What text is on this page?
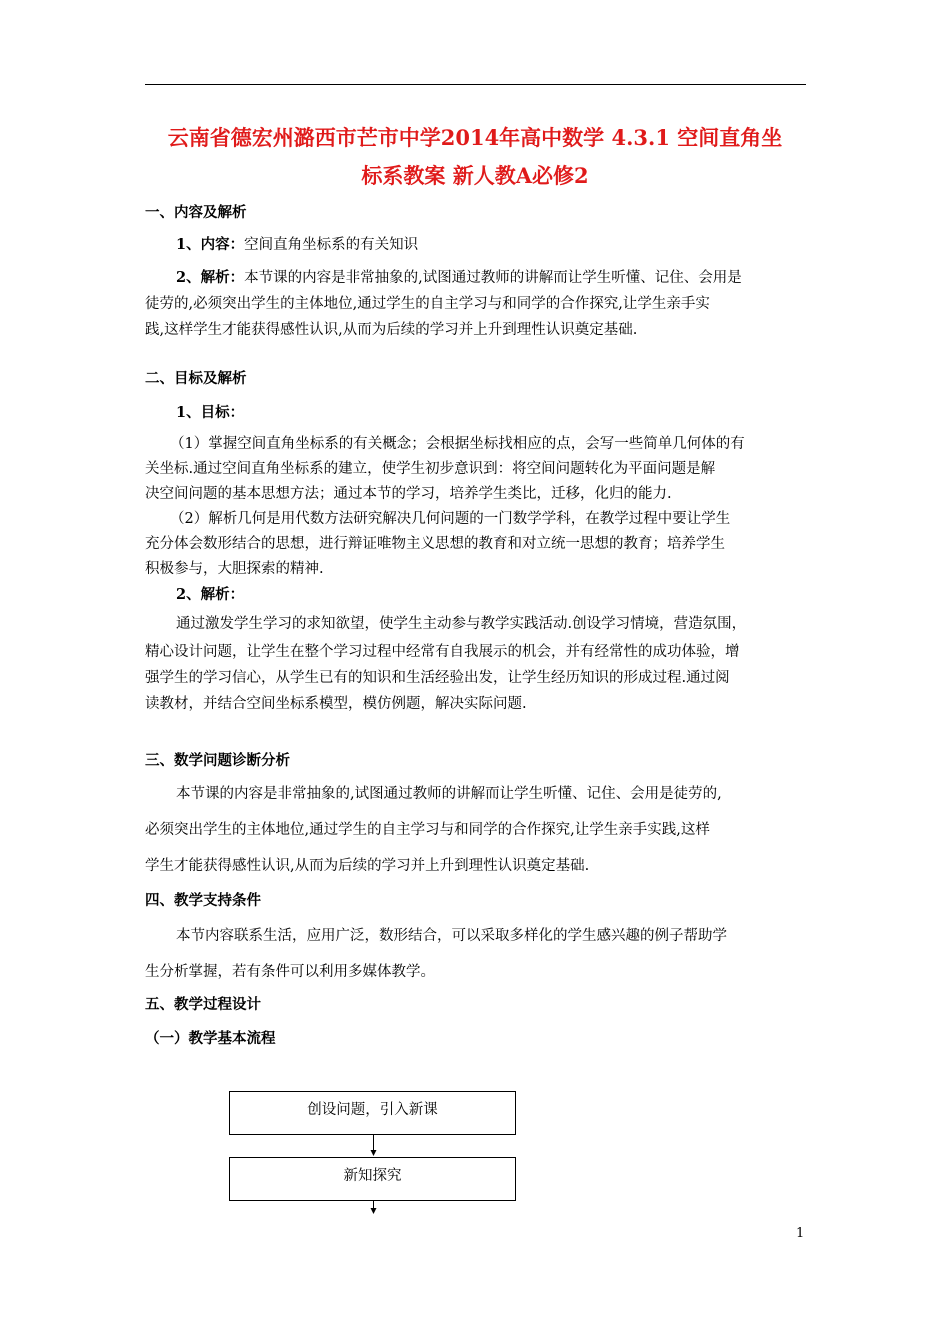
云南省德宏州潞西市芒市中学2014年高中数学 4.3.1 空间直角坐
标系教案 新人教A必修2
一、内容及解析
1、内容：空间直角坐标系的有关知识
2、解析：本节课的内容是非常抽象的,试图通过教师的讲解而让学生听懂、记住、会用是
徒劳的,必须突出学生的主体地位,通过学生的自主学习与和同学的合作探究,让学生亲手实
践,这样学生才能获得感性认识,从而为后续的学习并上升到理性认识奠定基础.
二、目标及解析
1、目标：
（1）掌握空间直角坐标系的有关概念；会根据坐标找相应的点，会写一些简单几何体的有
关坐标.通过空间直角坐标系的建立，使学生初步意识到：将空间问题转化为平面问题是解
决空间问题的基本思想方法；通过本节的学习，培养学生类比，迁移，化归的能力.
（2）解析几何是用代数方法研究解决几何问题的一门数学学科，在教学过程中要让学生
充分体会数形结合的思想，进行辩证唯物主义思想的教育和对立统一思想的教育；培养学生
积极参与，大胆探索的精神.
2、解析：
通过激发学生学习的求知欲望，使学生主动参与教学实践活动.创设学习情境，营造氛围，
精心设计问题，让学生在整个学习过程中经常有自我展示的机会，并有经常性的成功体验，增
强学生的学习信心，从学生已有的知识和生活经验出发，让学生经历知识的形成过程.通过阅
读教材，并结合空间坐标系模型，模仿例题，解决实际问题.
三、数学问题诊断分析
本节课的内容是非常抽象的,试图通过教师的讲解而让学生听懂、记住、会用是徒劳的,
必须突出学生的主体地位,通过学生的自主学习与和同学的合作探究,让学生亲手实践,这样
学生才能获得感性认识,从而为后续的学习并上升到理性认识奠定基础.
四、教学支持条件
本节内容联系生活，应用广泛，数形结合，可以采取多样化的学生感兴趣的例子帮助学
生分析掌握，若有条件可以利用多媒体教学。
五、教学过程设计
（一）教学基本流程
创设问题，引入新课
新知探究
1
